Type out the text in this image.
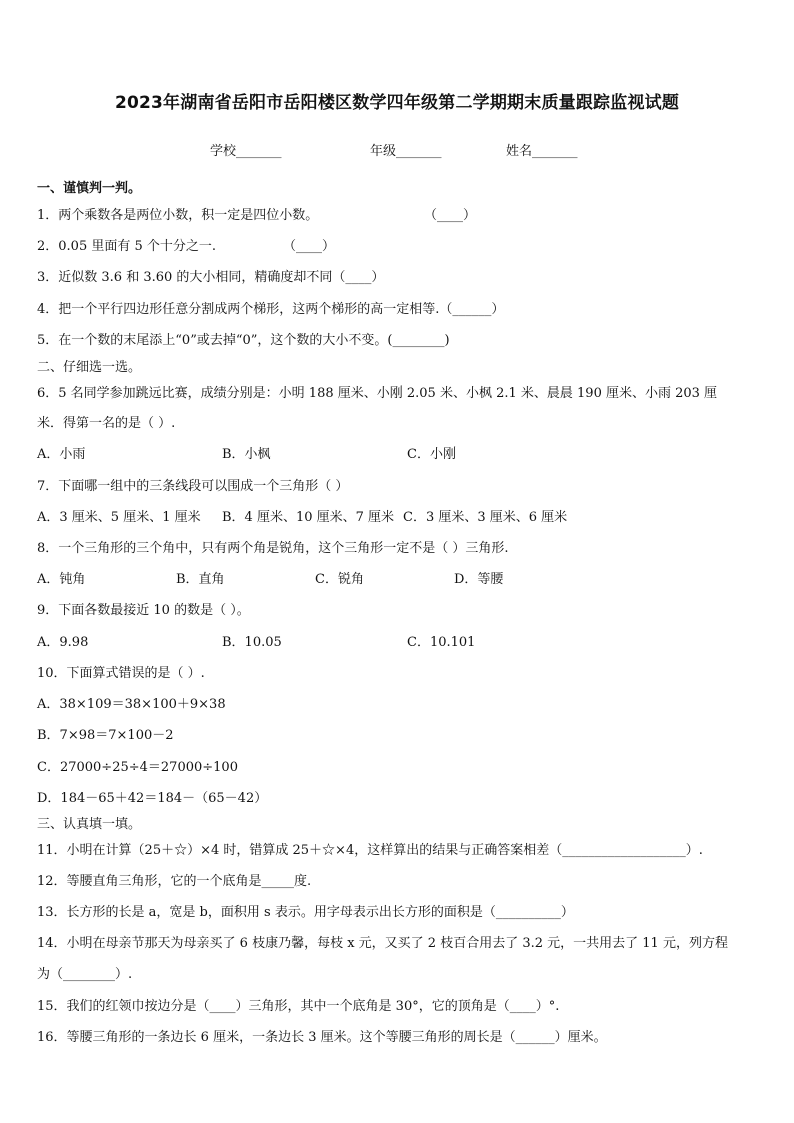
2023年湖南省岳阳市岳阳楼区数学四年级第二学期期末质量跟踪监视试题
学校_______	年级_______	姓名_______
一、谨慎判一判。
1．两个乘数各是两位小数，积一定是四位小数。	（____）
2．0.05 里面有 5 个十分之一.	（____）
3．近似数 3.6 和 3.60 的大小相同，精确度却不同（____）
4．把一个平行四边形任意分割成两个梯形，这两个梯形的高一定相等.（______）
5．在一个数的末尾添上“0”或去掉“0”，这个数的大小不变。(________)
二、仔细选一选。
6．5 名同学参加跳远比赛，成绩分别是：小明 188 厘米、小刚 2.05 米、小枫 2.1 米、晨晨 190 厘米、小雨 203 厘
米．得第一名的是（ ）.
A．小雨	B．小枫	C．小刚
7．下面哪一组中的三条线段可以围成一个三角形（ ）
A．3 厘米、5 厘米、1 厘米 B．4 厘米、10 厘米、7 厘米 C．3 厘米、3 厘米、6 厘米
8．一个三角形的三个角中，只有两个角是锐角，这个三角形一定不是（ ）三角形.
A．钝角	B．直角	C．锐角	D．等腰
9．下面各数最接近 10 的数是（ ）。
A．9.98	B．10.05	C．10.101
10．下面算式错误的是（ ）.
A．38×109＝38×100＋9×38
B．7×98＝7×100－2
C．27000÷25÷4＝27000÷100
D．184－65＋42＝184－（65－42）
三、认真填一填。
11．小明在计算（25＋☆）×4 时，错算成 25＋☆×4，这样算出的结果与正确答案相差（___________________）.
12．等腰直角三角形，它的一个底角是_____度.
13．长方形的长是 a，宽是 b，面积用 s 表示。用字母表示出长方形的面积是（__________）
14．小明在母亲节那天为母亲买了 6 枝康乃馨，每枝 x 元，又买了 2 枝百合用去了 3.2 元，一共用去了 11 元，列方程
为（________）.
15．我们的红领巾按边分是（____）三角形，其中一个底角是 30°，它的顶角是（____）°.
16．等腰三角形的一条边长 6 厘米，一条边长 3 厘米。这个等腰三角形的周长是（______）厘米。
